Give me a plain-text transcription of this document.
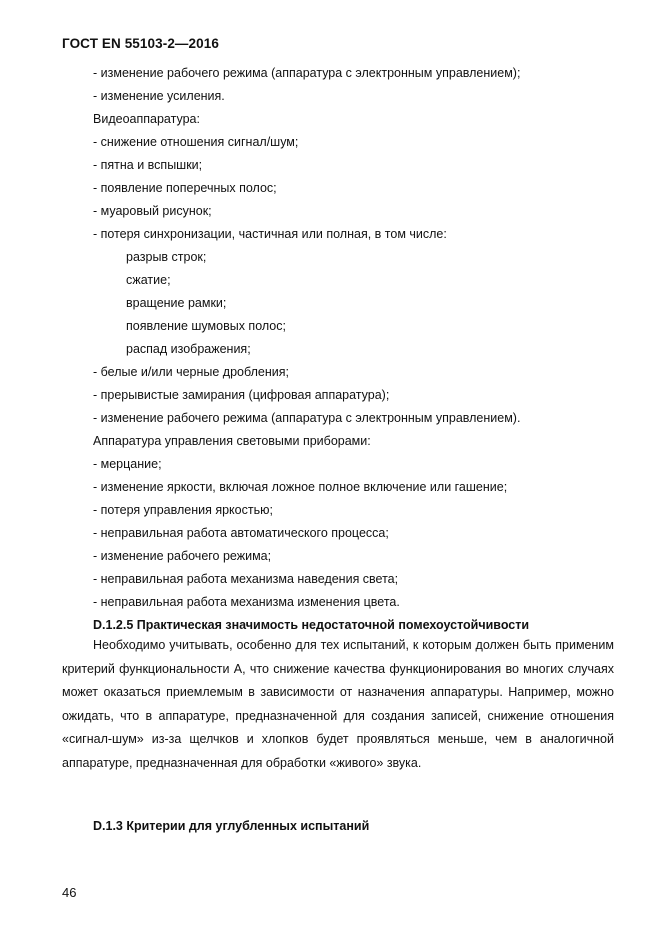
ГОСТ EN 55103-2—2016
- изменение рабочего режима (аппаратура с электронным управлением);
- изменение усиления.
Видеоаппаратура:
- снижение отношения сигнал/шум;
- пятна и вспышки;
- появление поперечных полос;
- муаровый рисунок;
- потеря синхронизации, частичная или полная, в том числе:
разрыв строк;
сжатие;
вращение рамки;
появление шумовых полос;
распад изображения;
- белые и/или черные дробления;
- прерывистые замирания (цифровая аппаратура);
- изменение рабочего режима (аппаратура с электронным управлением).
Аппаратура управления световыми приборами:
- мерцание;
- изменение яркости, включая ложное полное включение или гашение;
- потеря управления яркостью;
- неправильная работа автоматического процесса;
- изменение рабочего режима;
- неправильная работа механизма наведения света;
- неправильная работа механизма изменения цвета.
D.1.2.5 Практическая значимость недостаточной помехоустойчивости

Необходимо учитывать, особенно для тех испытаний, к которым должен быть применим критерий функциональности А, что снижение качества функционирования во многих случаях может оказаться приемлемым в зависимости от назначения аппаратуры. Например, можно ожидать, что в аппаратуре, предназначенной для создания записей, снижение отношения «сигнал-шум» из-за щелчков и хлопков будет проявляться меньше, чем в аналогичной аппаратуре, предназначенная для обработки «живого» звука.

D.1.3 Критерии для углубленных испытаний
46
